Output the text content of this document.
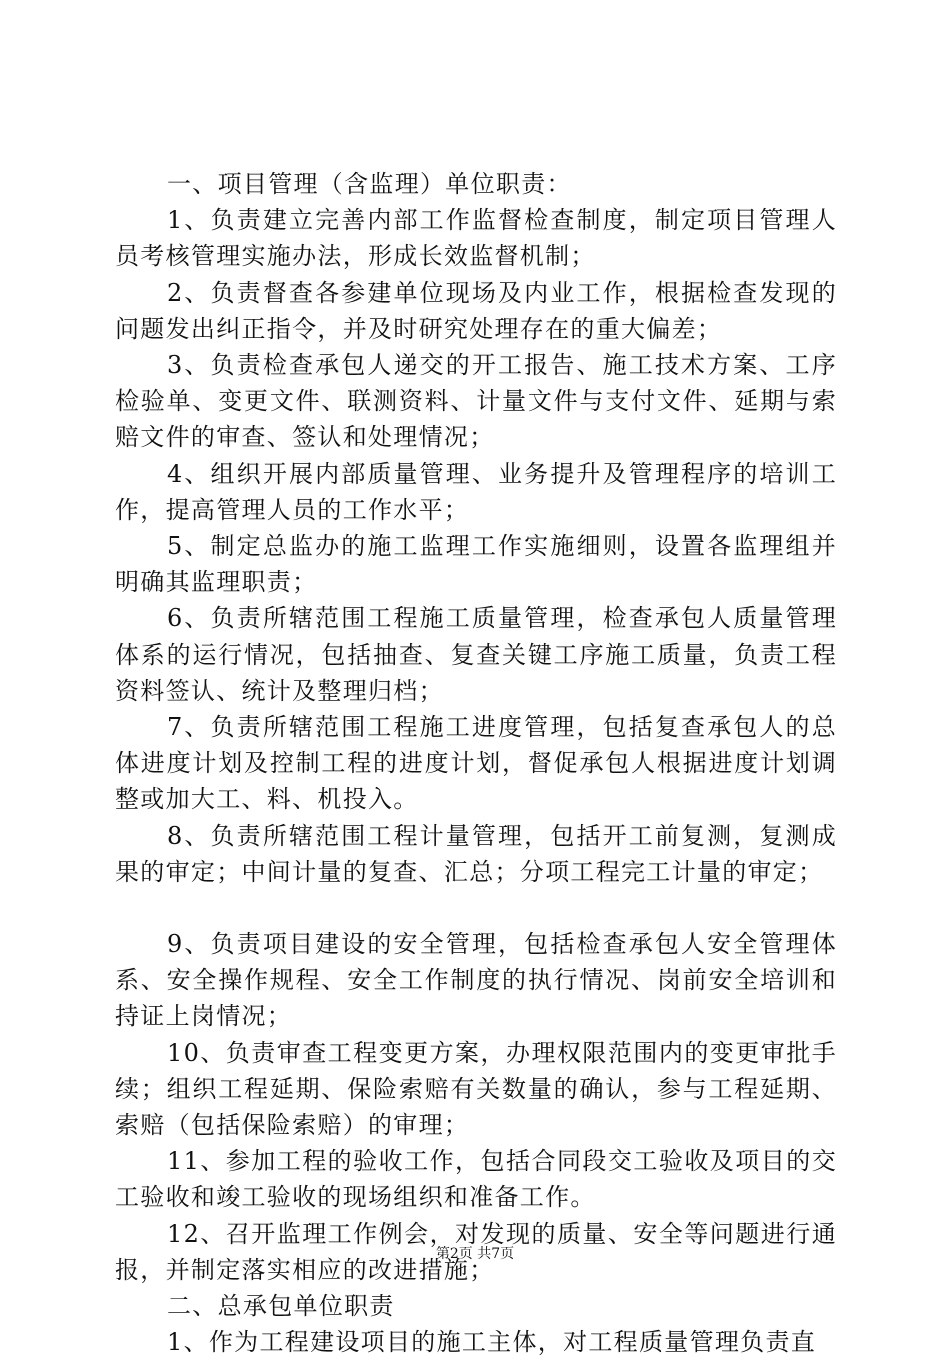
一、项目管理（含监理）单位职责：

1、负责建立完善内部工作监督检查制度，制定项目管理人员考核管理实施办法，形成长效监督机制；

2、负责督查各参建单位现场及内业工作，根据检查发现的问题发出纠正指令，并及时研究处理存在的重大偏差；

3、负责检查承包人递交的开工报告、施工技术方案、工序检验单、变更文件、联测资料、计量文件与支付文件、延期与索赔文件的审查、签认和处理情况；

4、组织开展内部质量管理、业务提升及管理程序的培训工作，提高管理人员的工作水平；

5、制定总监办的施工监理工作实施细则，设置各监理组并明确其监理职责；

6、负责所辖范围工程施工质量管理，检查承包人质量管理体系的运行情况，包括抽查、复查关键工序施工质量，负责工程资料签认、统计及整理归档；

7、负责所辖范围工程施工进度管理，包括复查承包人的总体进度计划及控制工程的进度计划，督促承包人根据进度计划调整或加大工、料、机投入。

8、负责所辖范围工程计量管理，包括开工前复测，复测成果的审定；中间计量的复查、汇总；分项工程完工计量的审定；

9、负责项目建设的安全管理，包括检查承包人安全管理体系、安全操作规程、安全工作制度的执行情况、岗前安全培训和持证上岗情况；

10、负责审查工程变更方案，办理权限范围内的变更审批手续；组织工程延期、保险索赔有关数量的确认，参与工程延期、索赔（包括保险索赔）的审理；

11、参加工程的验收工作，包括合同段交工验收及项目的交工验收和竣工验收的现场组织和准备工作。

12、召开监理工作例会，对发现的质量、安全等问题进行通报，并制定落实相应的改进措施；

二、总承包单位职责

1、作为工程建设项目的施工主体，对工程质量管理负责直

第2页 共7页
